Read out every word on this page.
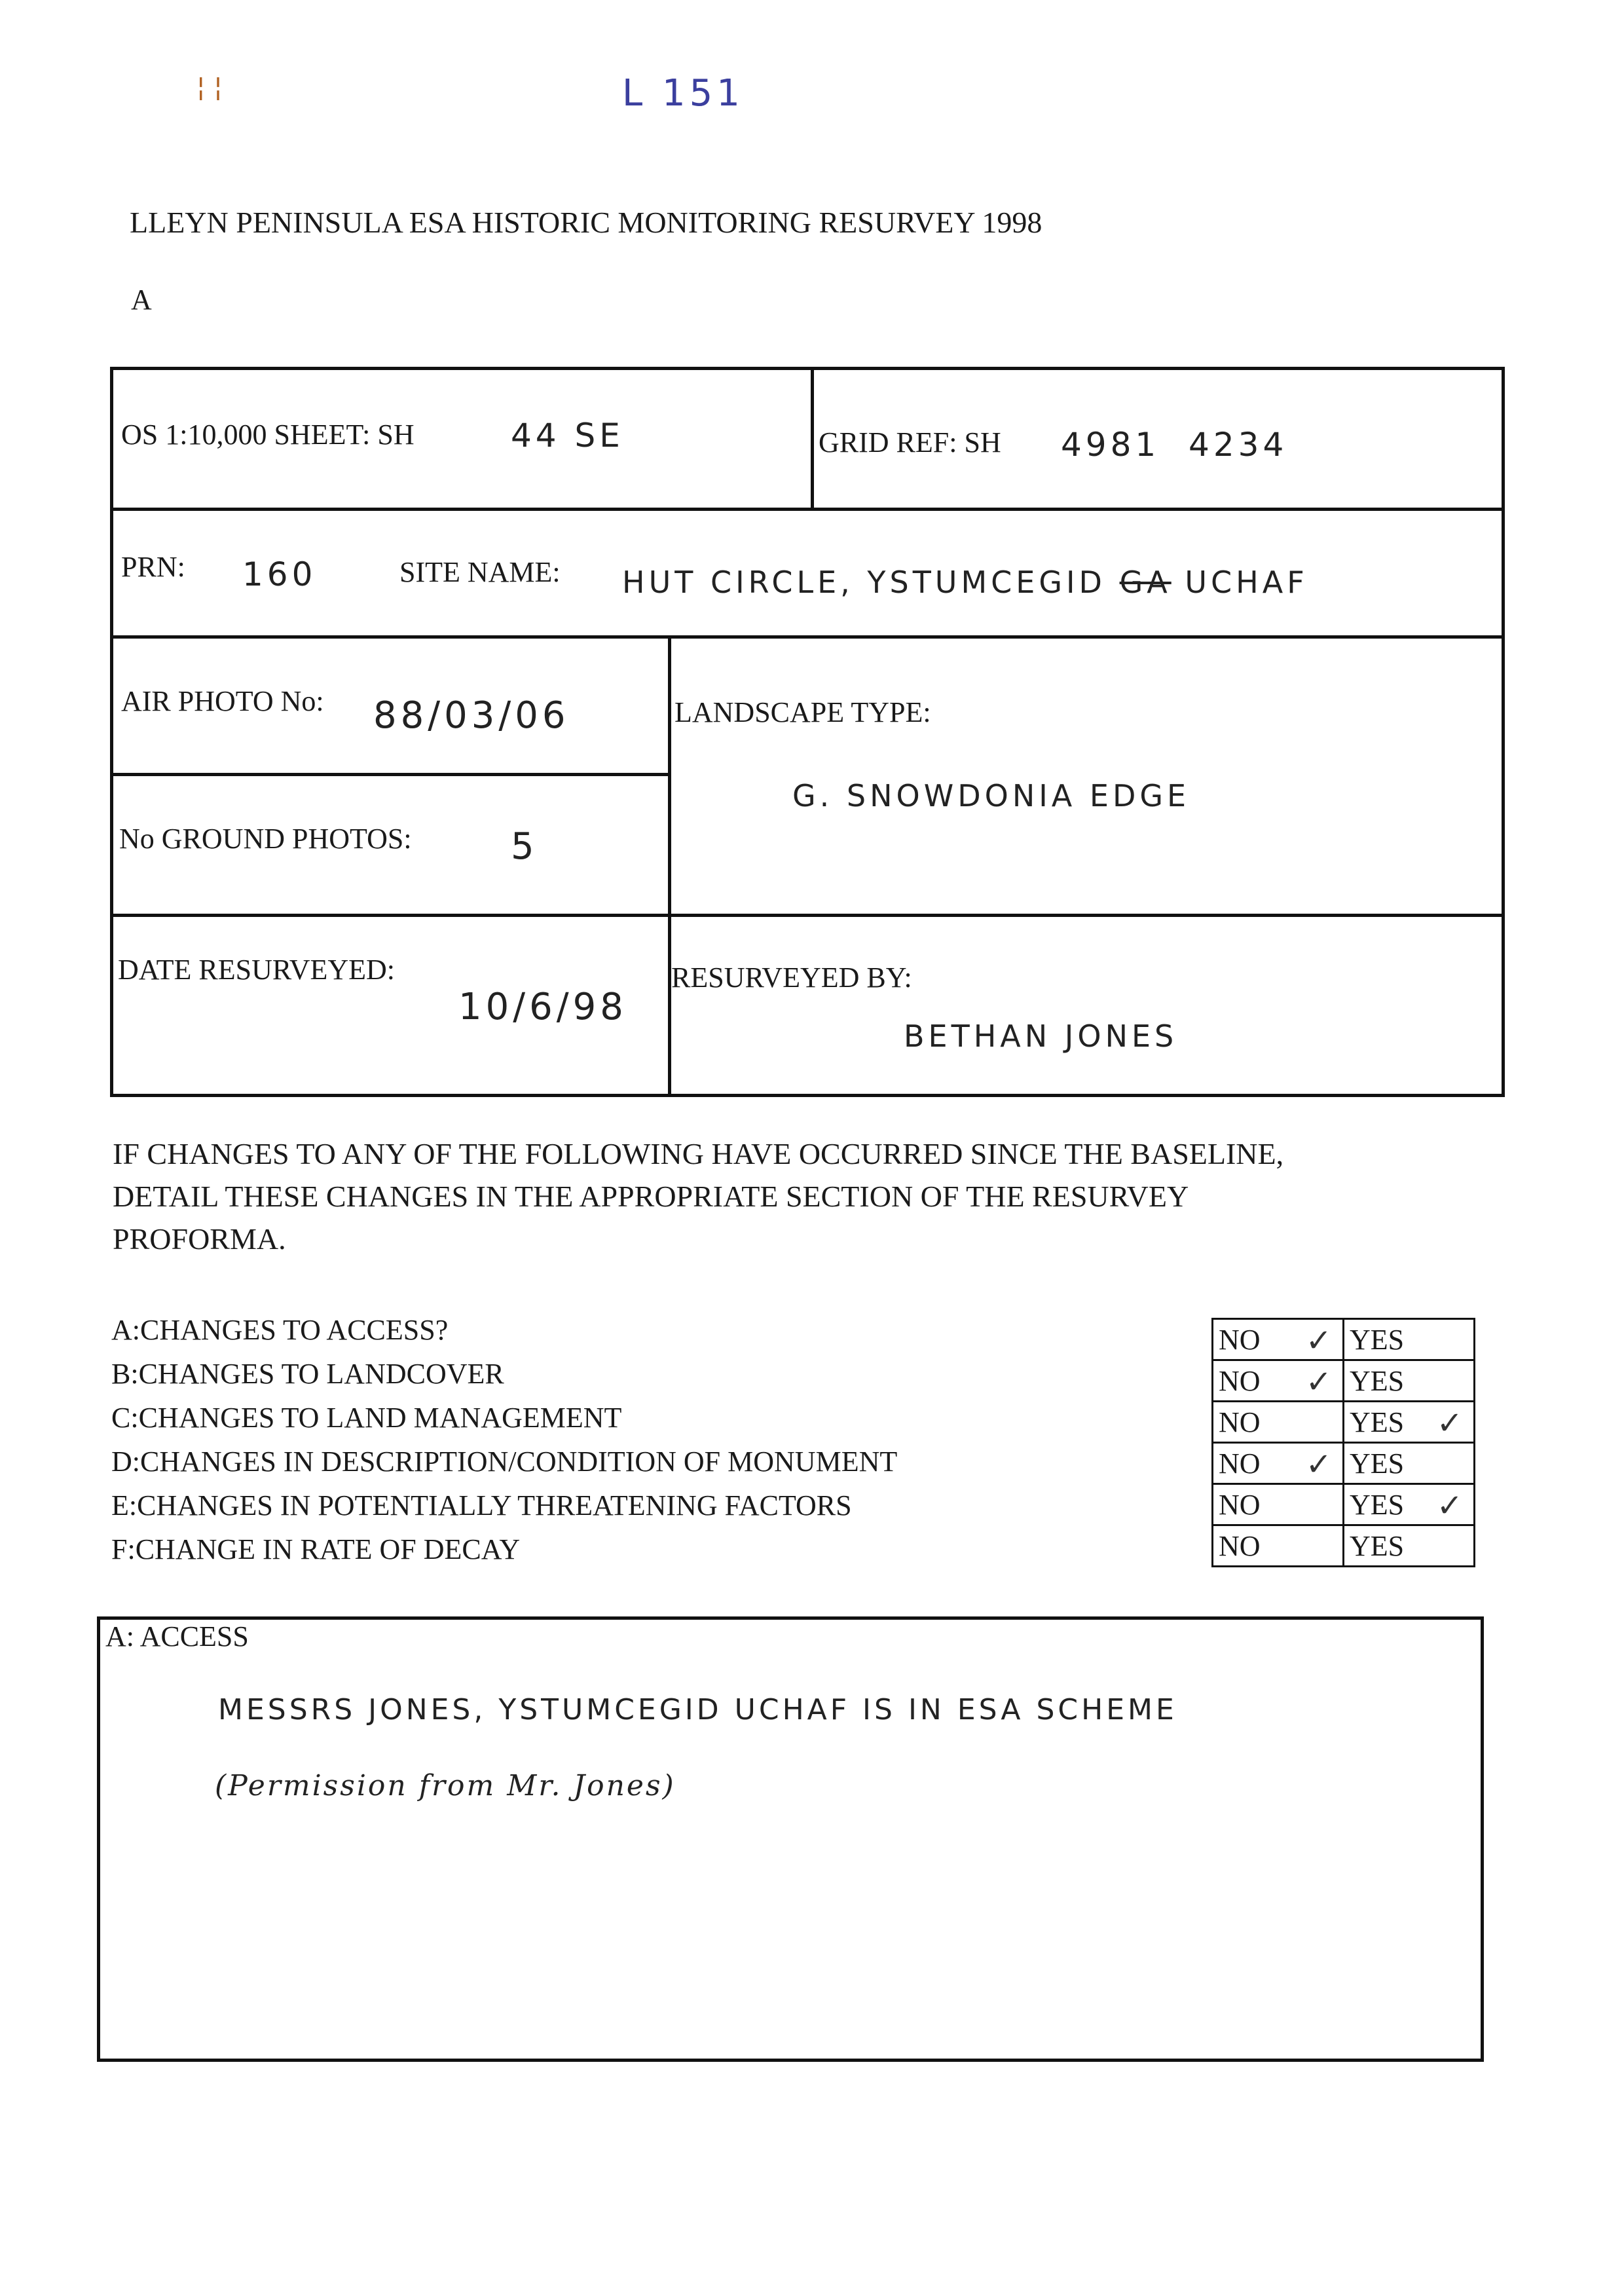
¦ ¦	L 151
LLEYN PENINSULA ESA HISTORIC MONITORING RESURVEY 1998
A
OS 1:10,000 SHEET: SH	44 SE	GRID REF: SH 4981  4234
PRN: 160	SITE NAME: HUT CIRCLE, YSTUMCEGID GA UCHAF
AIR PHOTO No: 88/03/06	LANDSCAPE TYPE:
G. SNOWDONIA EDGE
No GROUND PHOTOS:	5
DATE RESURVEYED:
10/6/98
RESURVEYED BY:
BETHAN JONES
IF CHANGES TO ANY OF THE FOLLOWING HAVE OCCURRED SINCE THE BASELINE,
DETAIL THESE CHANGES IN THE APPROPRIATE SECTION OF THE RESURVEY
PROFORMA.
A:CHANGES TO ACCESS?
B:CHANGES TO LANDCOVER
C:CHANGES TO LAND MANAGEMENT
D:CHANGES IN DESCRIPTION/CONDITION OF MONUMENT
E:CHANGES IN POTENTIALLY THREATENING FACTORS
F:CHANGE IN RATE OF DECAY
NO ✓	YES

NO ✓	YES

NO	YES ✓

NO ✓	YES

NO	YES ✓

NO	YES
A: ACCESS
MESSRS JONES, YSTUMCEGID UCHAF IS IN ESA SCHEME
(Permission from Mr. Jones)
